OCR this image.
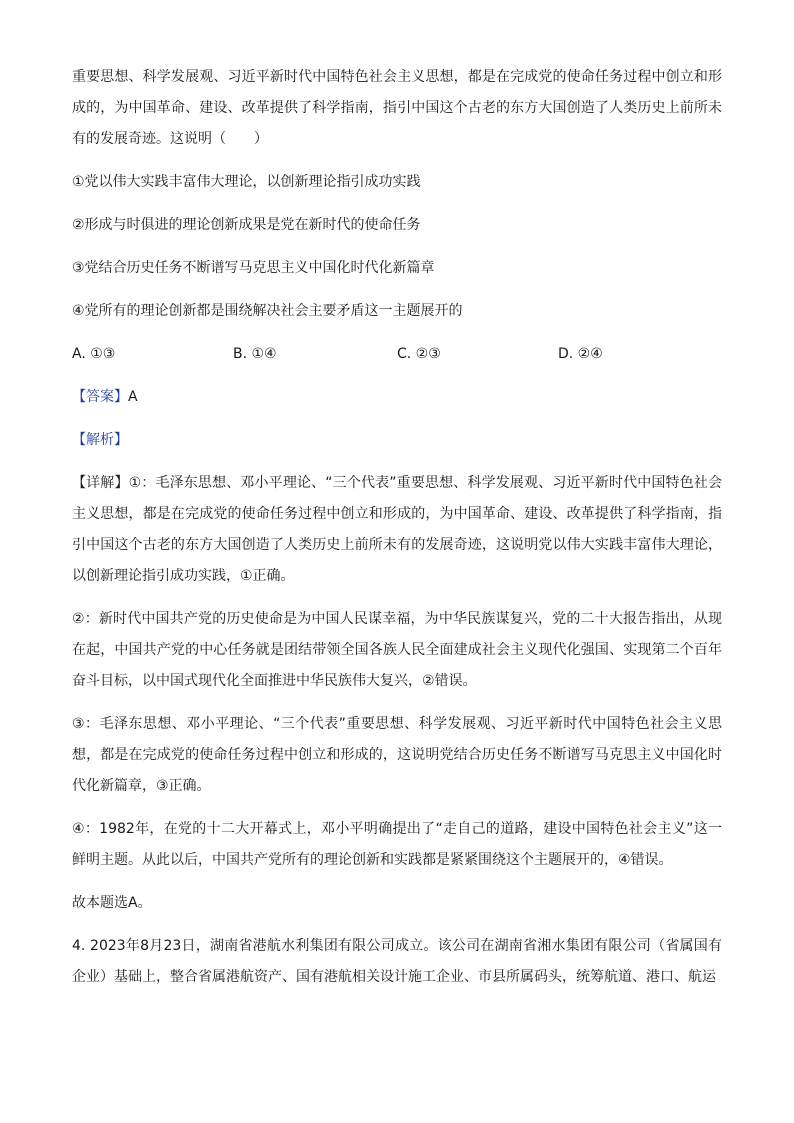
重要思想、科学发展观、习近平新时代中国特色社会主义思想，都是在完成党的使命任务过程中创立和形成的，为中国革命、建设、改革提供了科学指南，指引中国这个古老的东方大国创造了人类历史上前所未有的发展奇迹。这说明（　　）

①党以伟大实践丰富伟大理论，以创新理论指引成功实践

②形成与时俱进的理论创新成果是党在新时代的使命任务

③党结合历史任务不断谱写马克思主义中国化时代化新篇章

④党所有的理论创新都是围绕解决社会主要矛盾这一主题展开的

A. ①③	B. ①④	C. ②③	D. ②④

【答案】A

【解析】

【详解】①：毛泽东思想、邓小平理论、“三个代表”重要思想、科学发展观、习近平新时代中国特色社会主义思想，都是在完成党的使命任务过程中创立和形成的，为中国革命、建设、改革提供了科学指南，指引中国这个古老的东方大国创造了人类历史上前所未有的发展奇迹，这说明党以伟大实践丰富伟大理论，以创新理论指引成功实践，①正确。

②：新时代中国共产党的历史使命是为中国人民谋幸福，为中华民族谋复兴，党的二十大报告指出，从现在起，中国共产党的中心任务就是团结带领全国各族人民全面建成社会主义现代化强国、实现第二个百年奋斗目标，以中国式现代化全面推进中华民族伟大复兴，②错误。

③：毛泽东思想、邓小平理论、“三个代表”重要思想、科学发展观、习近平新时代中国特色社会主义思想，都是在完成党的使命任务过程中创立和形成的，这说明党结合历史任务不断谱写马克思主义中国化时代化新篇章，③正确。

④：1982年，在党的十二大开幕式上，邓小平明确提出了“走自己的道路，建设中国特色社会主义”这一鲜明主题。从此以后，中国共产党所有的理论创新和实践都是紧紧围绕这个主题展开的，④错误。

故本题选A。

4. 2023年8月23日，湖南省港航水利集团有限公司成立。该公司在湖南省湘水集团有限公司（省属国有企业）基础上，整合省属港航资产、国有港航相关设计施工企业、市县所属码头，统筹航道、港口、航运
